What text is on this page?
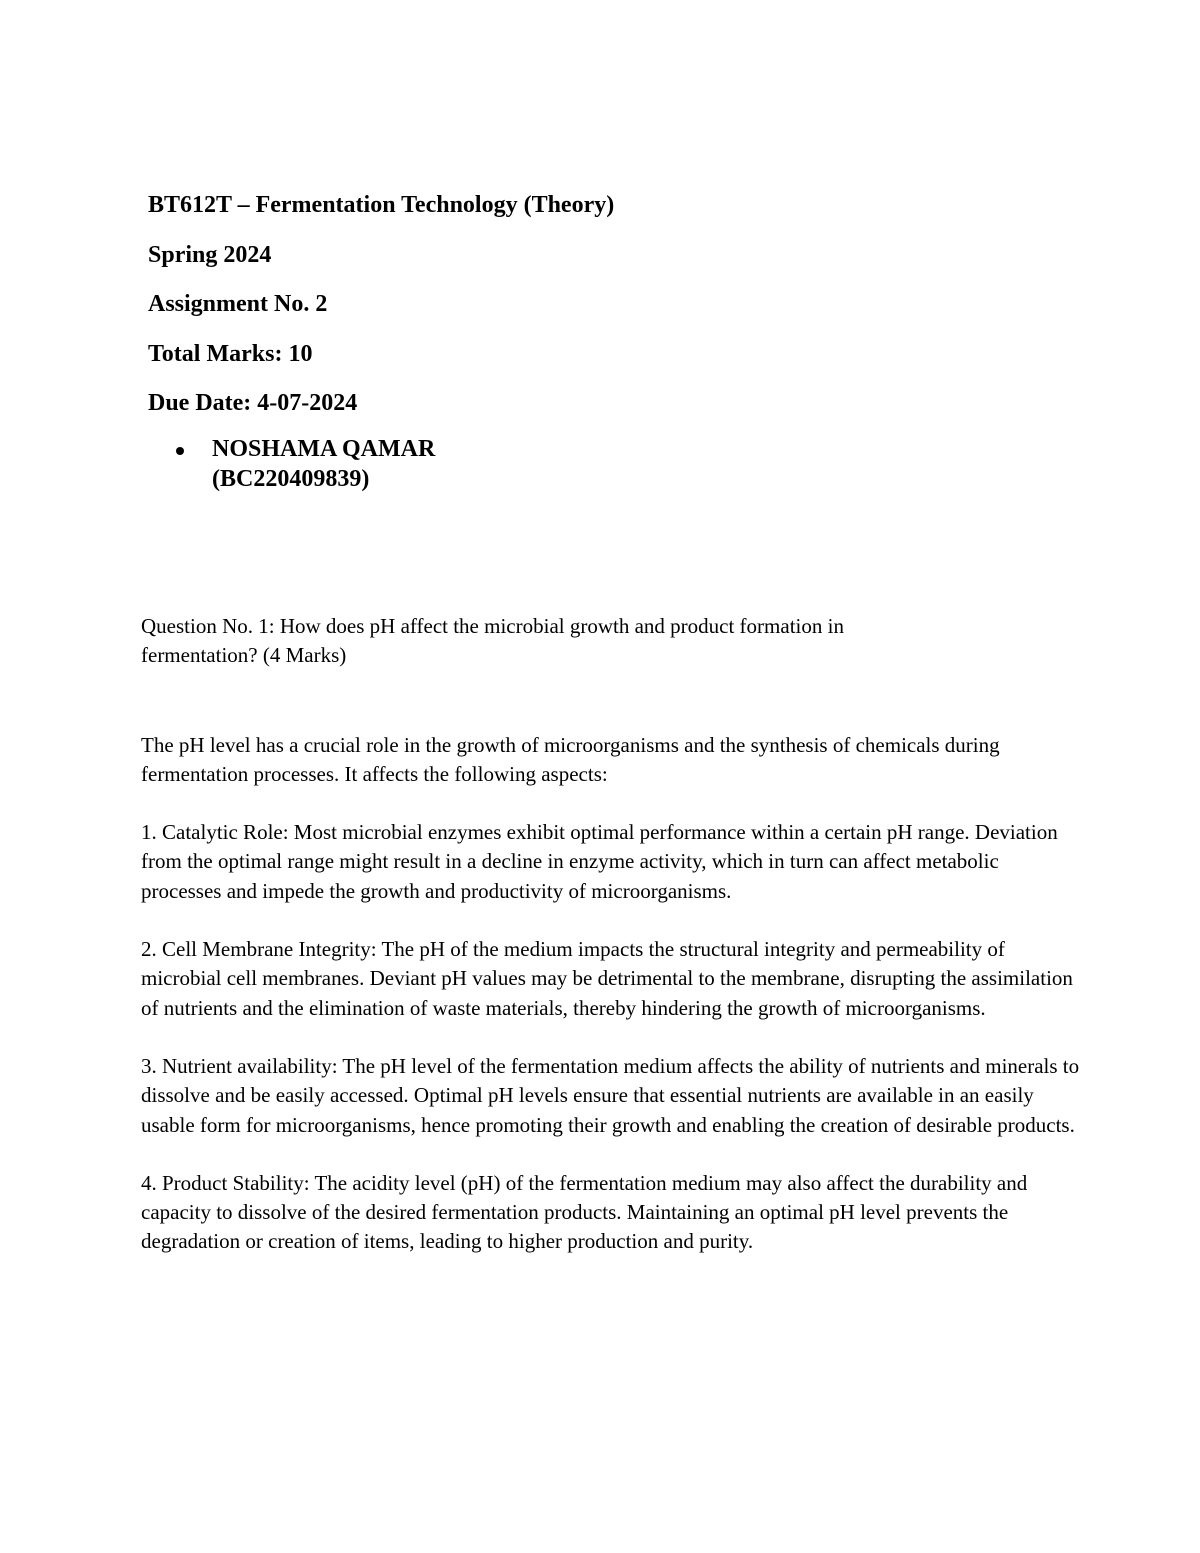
BT612T – Fermentation Technology (Theory)
Spring 2024
Assignment No. 2
Total Marks: 10
Due Date: 4-07-2024
NOSHAMA QAMAR
(BC220409839)

Question No. 1: How does pH affect the microbial growth and product formation in fermentation? (4 Marks)

The pH level has a crucial role in the growth of microorganisms and the synthesis of chemicals during fermentation processes. It affects the following aspects:

1. Catalytic Role: Most microbial enzymes exhibit optimal performance within a certain pH range. Deviation from the optimal range might result in a decline in enzyme activity, which in turn can affect metabolic processes and impede the growth and productivity of microorganisms.

2. Cell Membrane Integrity: The pH of the medium impacts the structural integrity and permeability of microbial cell membranes. Deviant pH values may be detrimental to the membrane, disrupting the assimilation of nutrients and the elimination of waste materials, thereby hindering the growth of microorganisms.

3. Nutrient availability: The pH level of the fermentation medium affects the ability of nutrients and minerals to dissolve and be easily accessed. Optimal pH levels ensure that essential nutrients are available in an easily usable form for microorganisms, hence promoting their growth and enabling the creation of desirable products.

4. Product Stability: The acidity level (pH) of the fermentation medium may also affect the durability and capacity to dissolve of the desired fermentation products. Maintaining an optimal pH level prevents the degradation or creation of items, leading to higher production and purity.
